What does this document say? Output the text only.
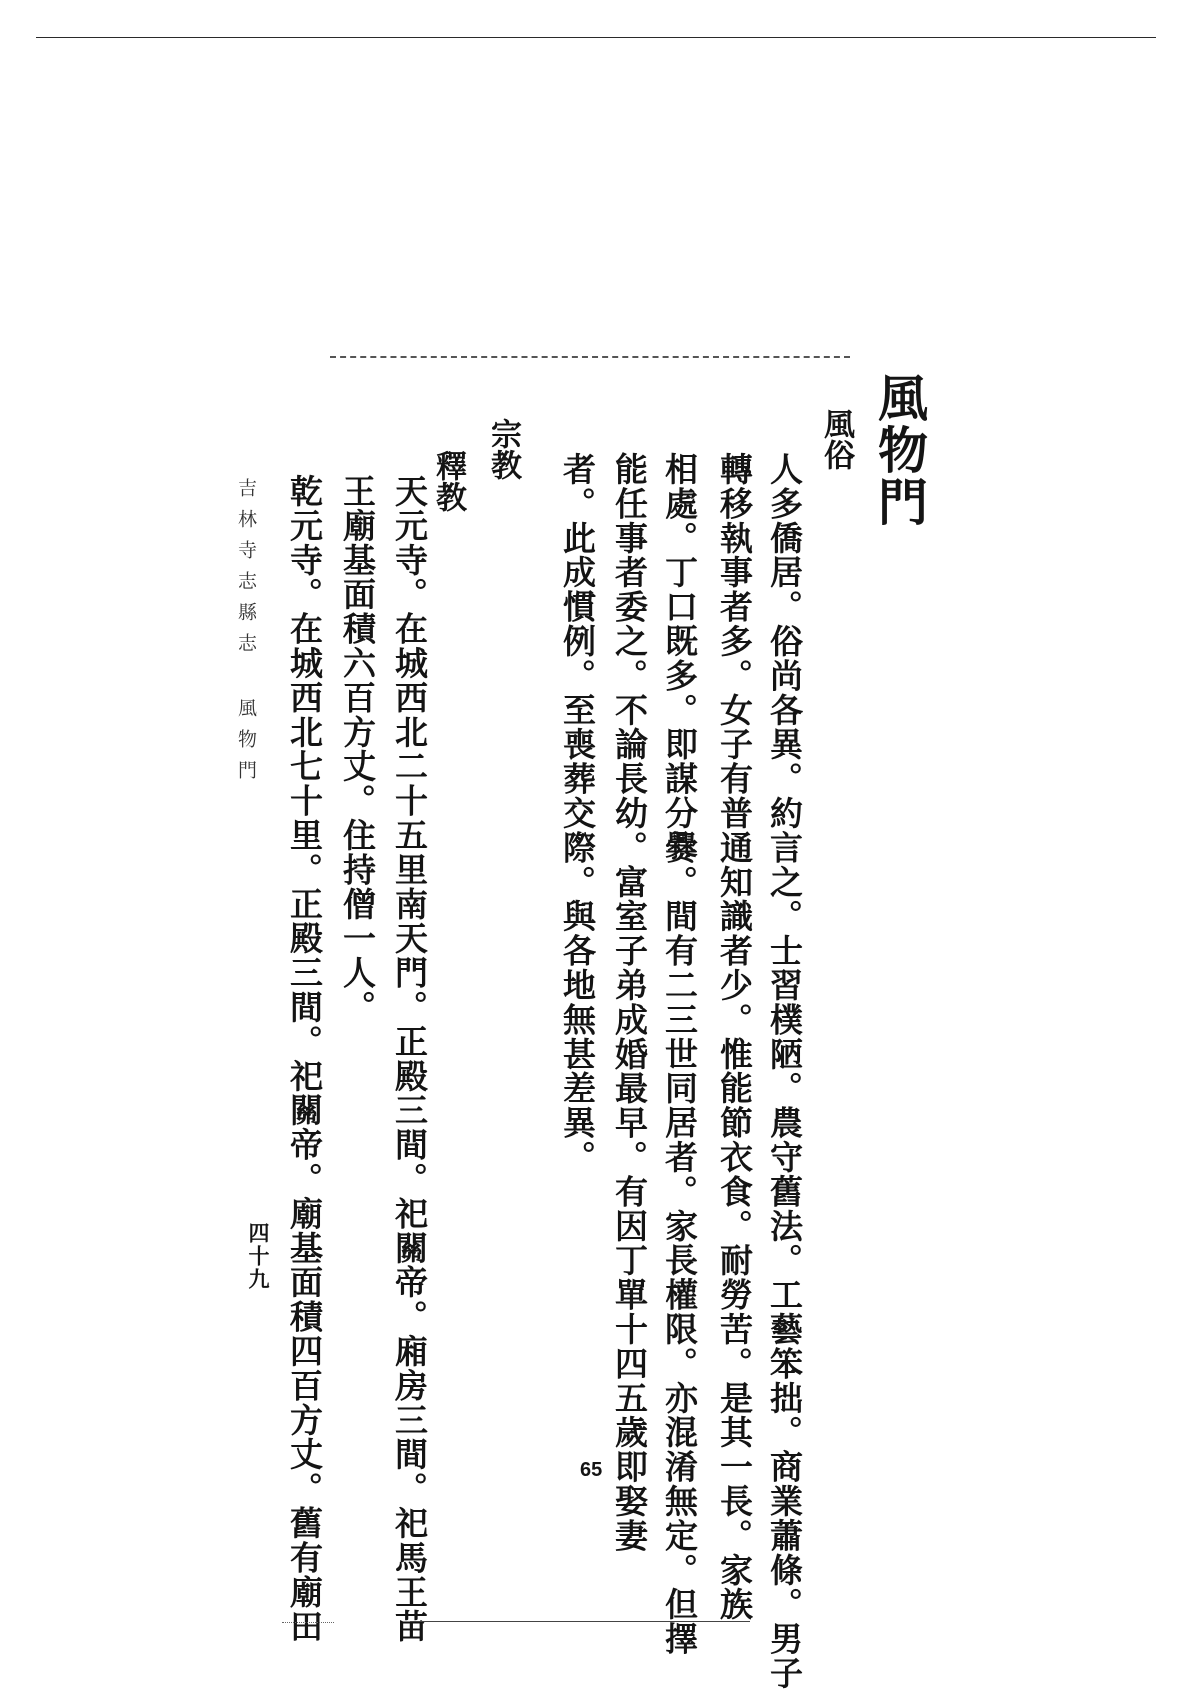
風物門
風俗
人多僑居。俗尚各異。約言之。士習樸陋。農守舊法。工藝笨拙。商業蕭條。男子
轉移執事者多。女子有普通知識者少。惟能節衣食。耐勞苦。是其一長。家族
相處。丁口既多。即謀分爨。間有二三世同居者。家長權限。亦混淆無定。但擇
能任事者委之。不論長幼。富室子弟成婚最早。有因丁單十四五歲即娶妻
者。此成慣例。至喪葬交際。與各地無甚差異。
宗教
釋教
天元寺。在城西北二十五里南天門。正殿三間。祀關帝。廂房三間。祀馬王苗
王廟基面積六百方丈。住持僧一人。
乾元寺。在城西北七十里。正殿三間。祀關帝。廟基面積四百方丈。舊有廟田
吉林寺志縣志 風物門
四十九
65
